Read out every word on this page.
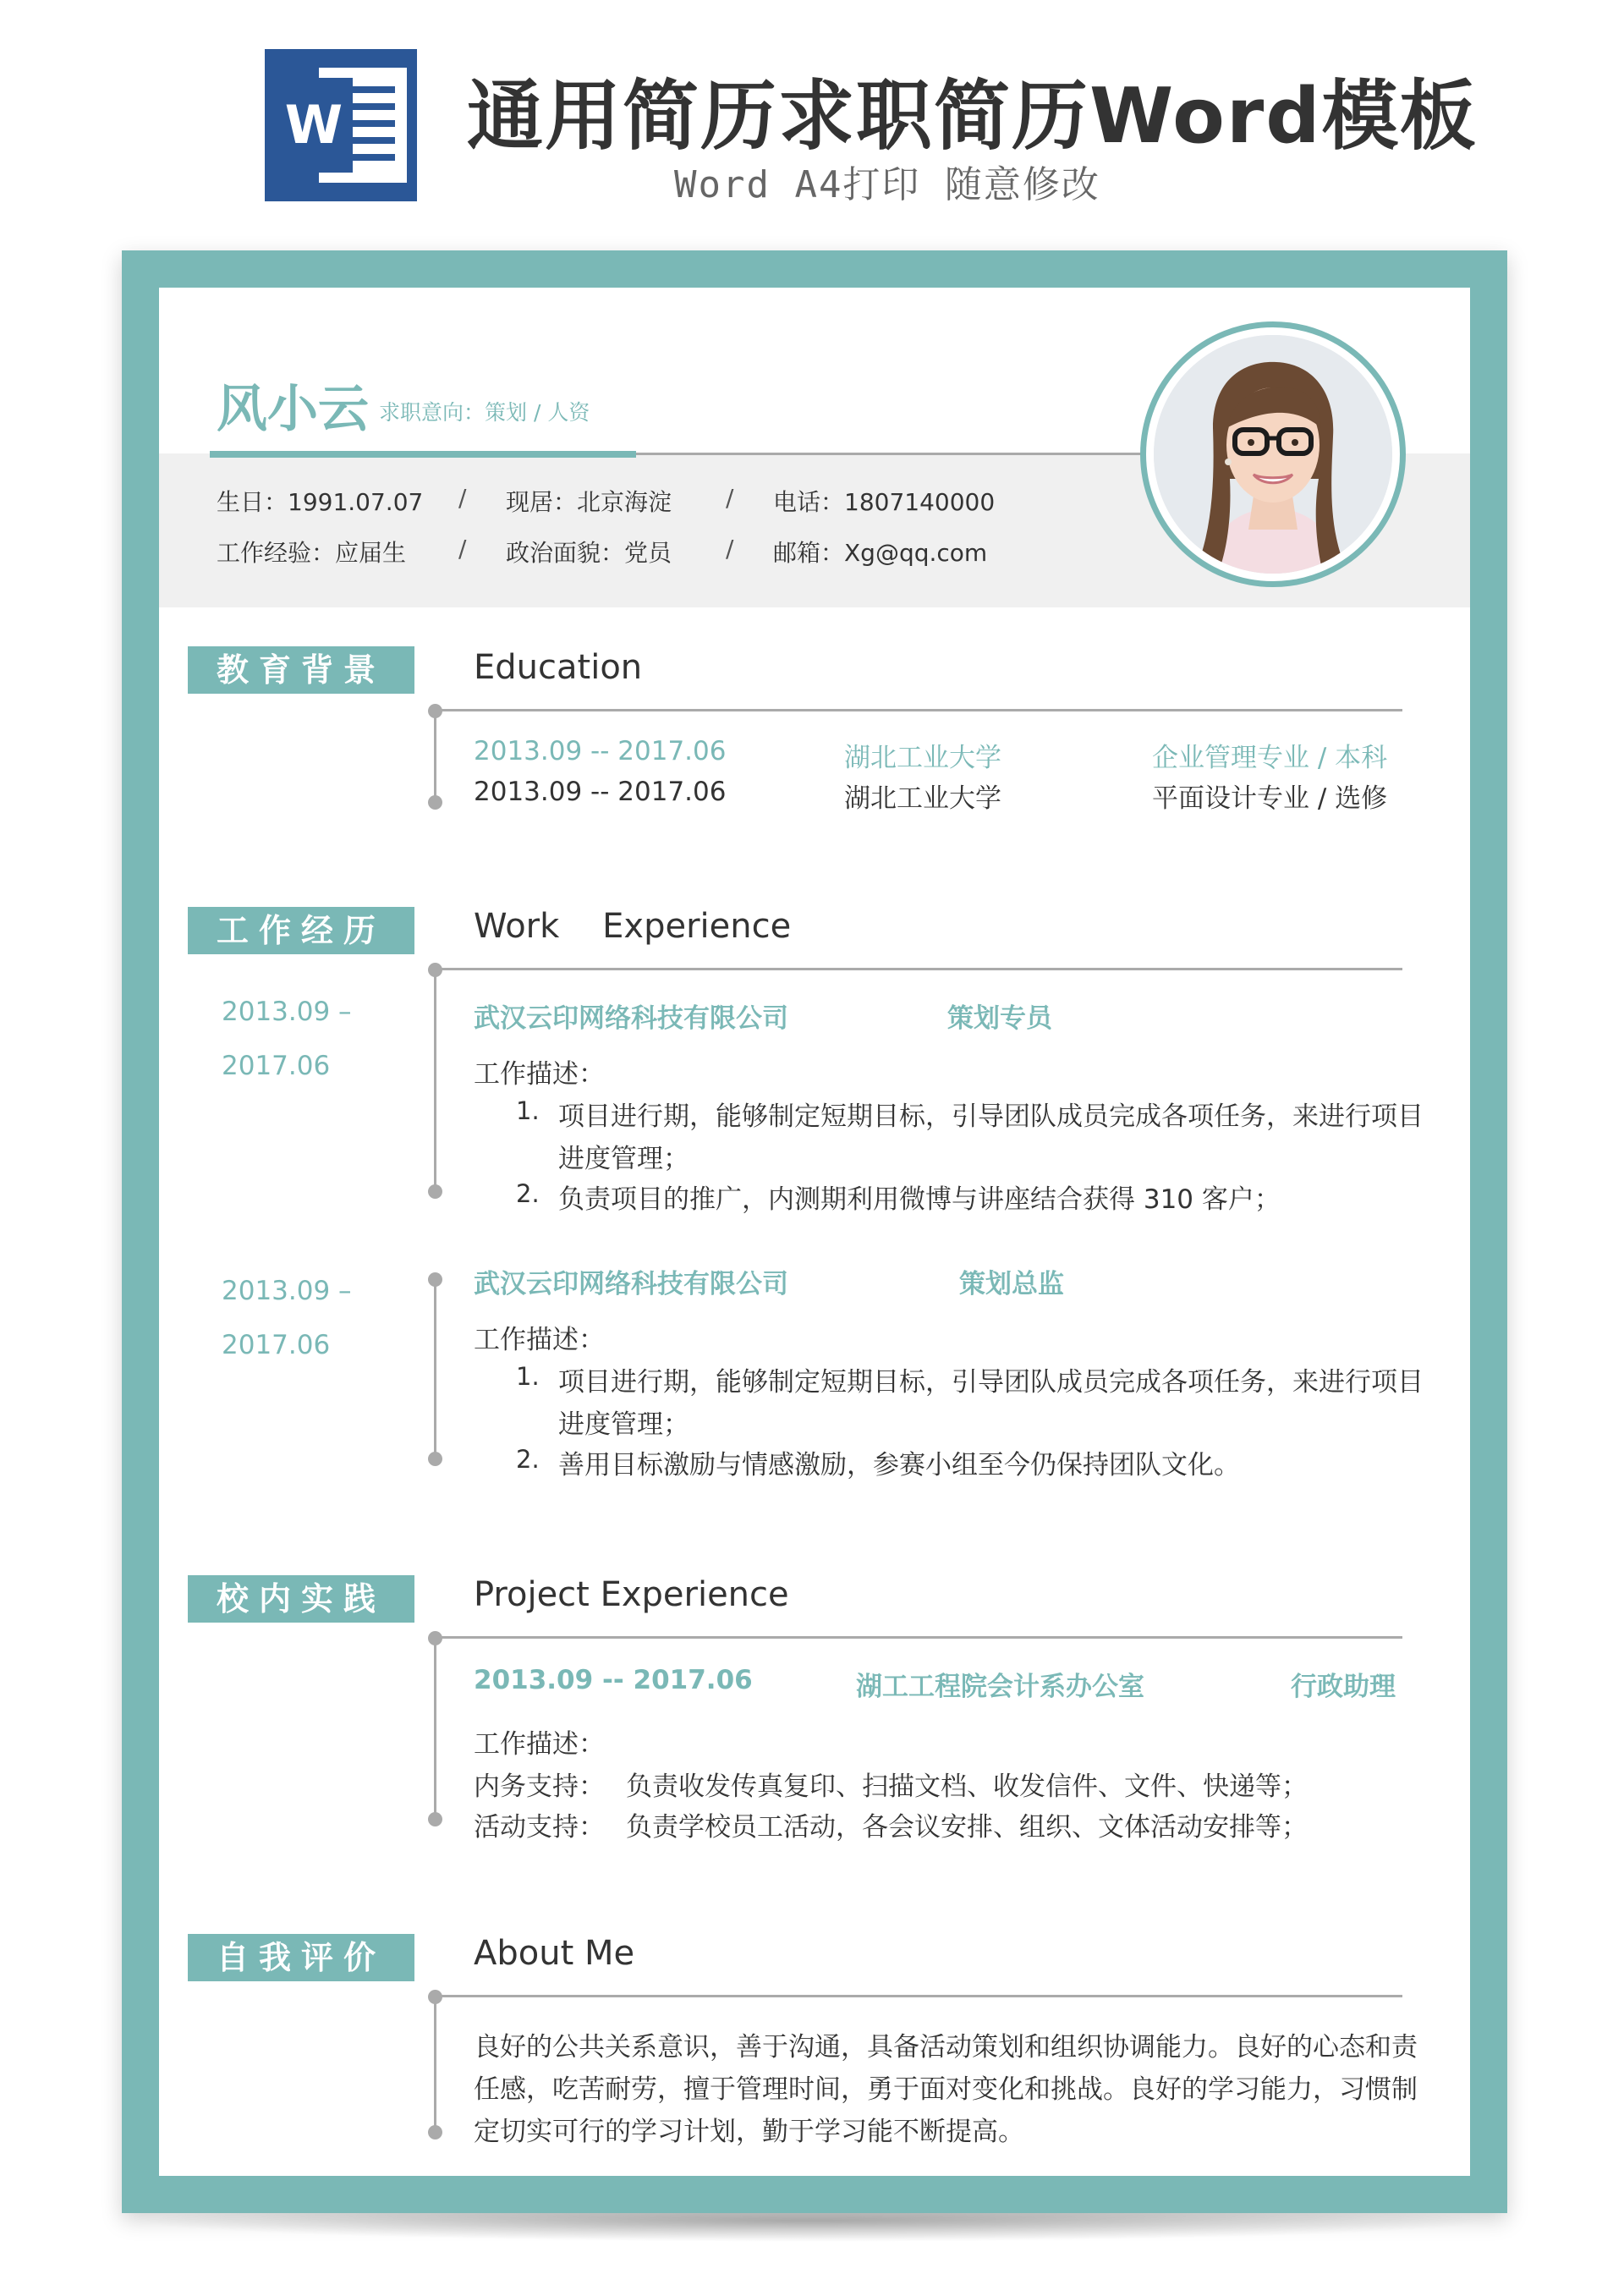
W 通用简历求职简历Word模板
Word A4打印 随意修改
风小云 求职意向：策划 / 人资
生日：1991.07.07 / 现居：北京海淀 / 电话：1807140000
工作经验：应届生 / 政治面貌：党员 / 邮箱：Xg@qq.com
教育背景	Education
2013.09 -- 2017.06	湖北工业大学	企业管理专业 / 本科
2013.09 -- 2017.06	湖北工业大学	平面设计专业 / 选修
工作经历	Work    Experience
2013.09 –
2017.06
武汉云印网络科技有限公司	策划专员
工作描述：
1. 项目进行期，能够制定短期目标，引导团队成员完成各项任务，来进行项目
进度管理；
2. 负责项目的推广，内测期利用微博与讲座结合获得 310 客户；
2013.09 –
2017.06
武汉云印网络科技有限公司	策划总监
工作描述：
1. 项目进行期，能够制定短期目标，引导团队成员完成各项任务，来进行项目
进度管理；
2. 善用目标激励与情感激励，参赛小组至今仍保持团队文化。
校内实践	Project Experience
2013.09 -- 2017.06	湖工工程院会计系办公室	行政助理
工作描述：
内务支持： 负责收发传真复印、扫描文档、收发信件、文件、快递等；
活动支持： 负责学校员工活动，各会议安排、组织、文体活动安排等；
自我评价	About Me
良好的公共关系意识，善于沟通，具备活动策划和组织协调能力。良好的心态和责
任感，吃苦耐劳，擅于管理时间，勇于面对变化和挑战。良好的学习能力，习惯制
定切实可行的学习计划，勤于学习能不断提高。
